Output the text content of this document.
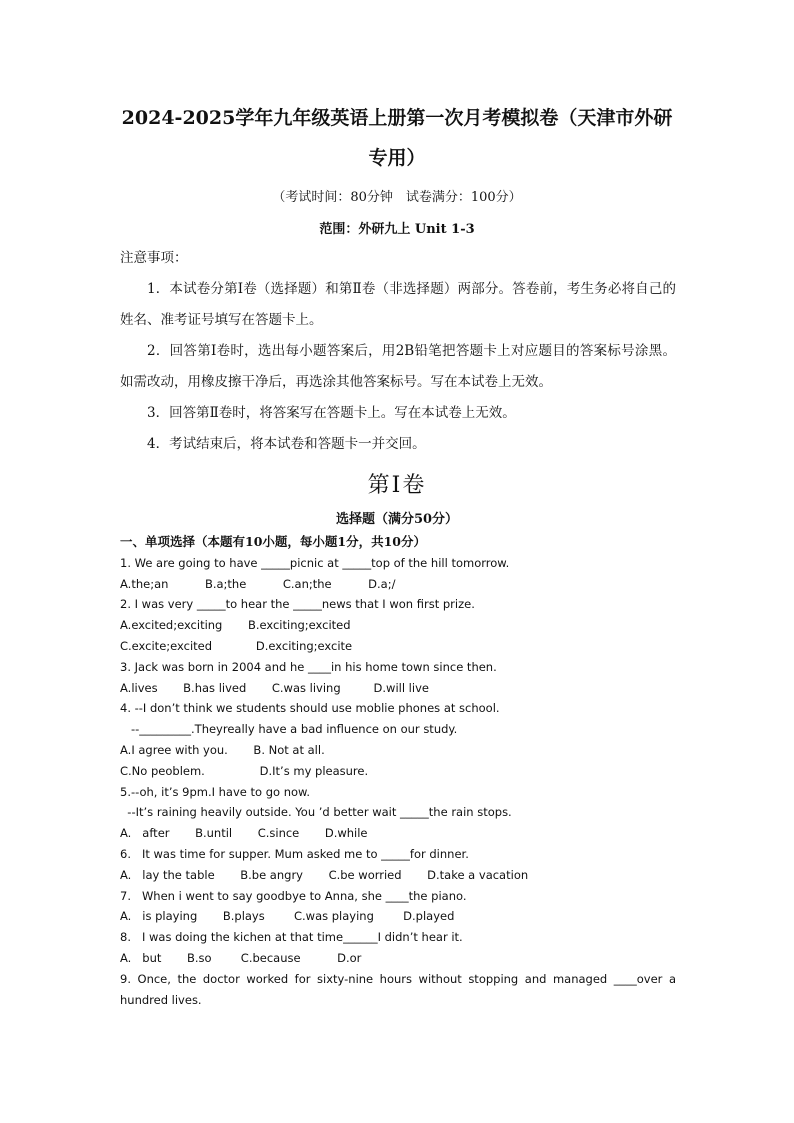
2024-2025学年九年级英语上册第一次月考模拟卷（天津市外研
专用）
（考试时间：80分钟　试卷满分：100分）
范围：外研九上 Unit 1-3

注意事项：

1．本试卷分第Ⅰ卷（选择题）和第Ⅱ卷（非选择题）两部分。答卷前，考生务必将自己的姓名、准考证号填写在答题卡上。

2．回答第Ⅰ卷时，选出每小题答案后，用2B铅笔把答题卡上对应题目的答案标号涂黑。如需改动，用橡皮擦干净后，再选涂其他答案标号。写在本试卷上无效。

3．回答第Ⅱ卷时，将答案写在答题卡上。写在本试卷上无效。

4．考试结束后，将本试卷和答题卡一并交回。

第Ⅰ卷
选择题（满分50分）

一、单项选择（本题有10小题，每小题1分，共10分）

1. We are going to have _____picnic at _____top of the hill tomorrow.

A.the;an          B.a;the          C.an;the          D.a;/

2. I was very _____to hear the _____news that I won first prize.

A.excited;exciting       B.exciting;excited

C.excite;excited            D.exciting;excite

3. Jack was born in 2004 and he ____in his home town since then.

A.lives       B.has lived       C.was living         D.will live

4. --I don’t think we students should use moblie phones at school.

--_________.Theyreally have a bad influence on our study.

A.I agree with you.       B. Not at all.

C.No peoblem.               D.It’s my pleasure.

5.--oh, it’s 9pm.I have to go now.

--It’s raining heavily outside. You ’d better wait _____the rain stops.

A.   after       B.until       C.since       D.while

6.   It was time for supper. Mum asked me to _____for dinner.

A.   lay the table       B.be angry       C.be worried       D.take a vacation

7.   When i went to say goodbye to Anna, she ____the piano.

A.   is playing       B.plays        C.was playing        D.played

8.   I was doing the kichen at that time______I didn’t hear it.

A.   but       B.so        C.because          D.or

9. Once, the doctor worked for sixty-nine hours without stopping and managed ____over a hundred lives.
